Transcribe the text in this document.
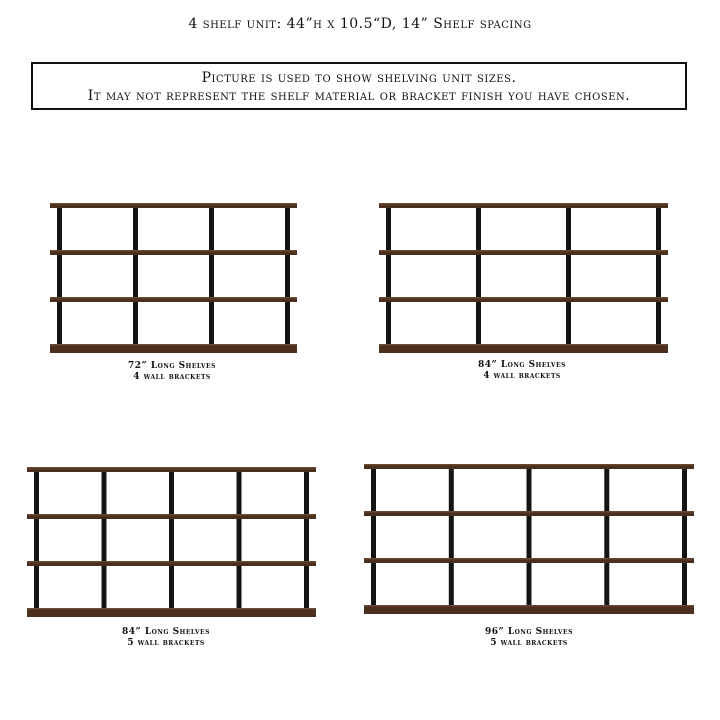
4 shelf unit: 44”h x 10.5“D, 14” Shelf spacing
Picture is used to show shelving unit sizes.
It may not represent the shelf material or bracket finish you have chosen.
72” Long Shelves
4 wall brackets
84” Long Shelves
4 wall brackets
84” Long Shelves
5 wall brackets
96” Long Shelves
5 wall brackets
